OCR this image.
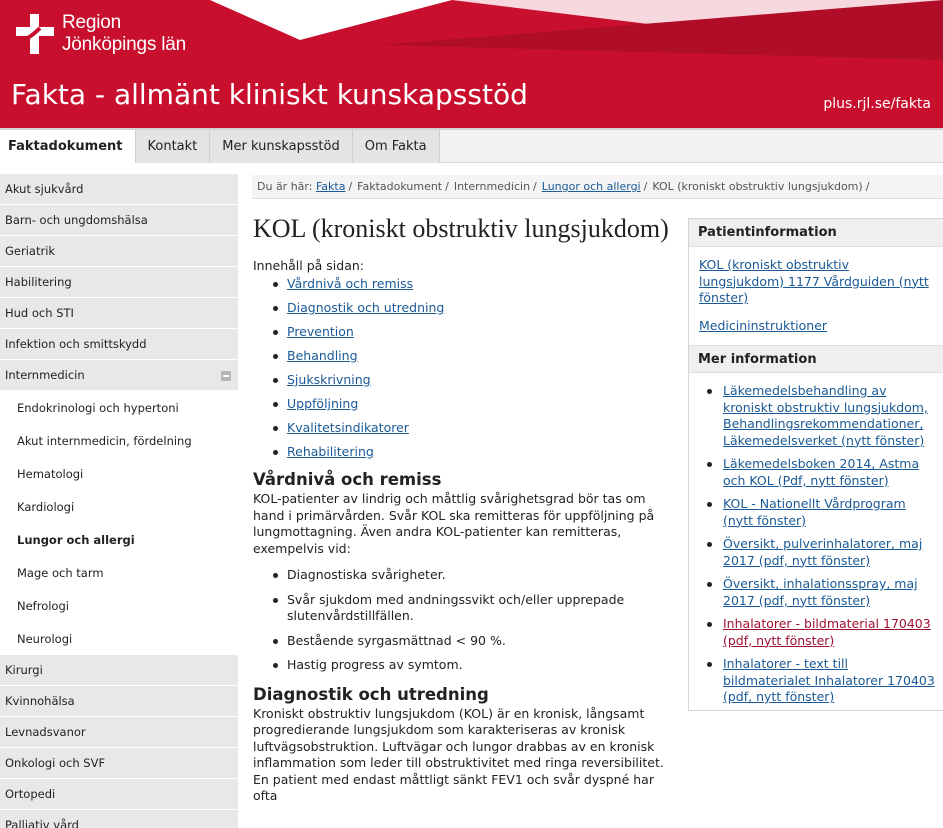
Region
Jönköpings län
Fakta - allmänt kliniskt kunskapsstöd	plus.rjl.se/fakta
Faktadokument	Kontakt	Mer kunskapsstöd	Om Fakta
Akut sjukvård
Barn- och ungdomshälsa
Geriatrik
Habilitering
Hud och STI
Infektion och smittskydd
Internmedicin
Endokrinologi och hypertoni
Akut internmedicin, fördelning
Hematologi
Kardiologi
Lungor och allergi
Mage och tarm
Nefrologi
Neurologi
Kirurgi
Kvinnohälsa
Levnadsvanor
Onkologi och SVF
Ortopedi
Palliativ vård
Du är här:
Fakta / Faktadokument / Internmedicin / Lungor och allergi / KOL (kroniskt obstruktiv lungsjukdom) /
KOL (kroniskt obstruktiv lungsjukdom)
Innehåll på sidan:
Vårdnivå och remiss
Diagnostik och utredning
Prevention
Behandling
Sjukskrivning
Uppföljning
Kvalitetsindikatorer
Rehabilitering
Vårdnivå och remiss

KOL-patienter av lindrig och måttlig svårighetsgrad bör tas om hand i primärvården. Svår KOL ska remitteras för uppföljning på lungmottagning. Även andra KOL-patienter kan remitteras, exempelvis vid:

Diagnostiska svårigheter.
Svår sjukdom med andningssvikt och/eller upprepade slutenvårdstillfällen.
Bestående syrgasmättnad < 90 %.
Hastig progress av symtom.
Diagnostik och utredning

Kroniskt obstruktiv lungsjukdom (KOL) är en kronisk, långsamt progredierande lungsjukdom som karakteriseras av kronisk luftvägsobstruktion. Luftvägar och lungor drabbas av en kronisk inflammation som leder till obstruktivitet med ringa reversibilitet. En patient med endast måttligt sänkt FEV1 och svår dyspné har ofta

Patientinformation
KOL (kroniskt obstruktiv lungsjukdom) 1177 Vårdguiden (nytt fönster)
Medicininstruktioner
Mer information
Läkemedelsbehandling av kroniskt obstruktiv lungsjukdom, Behandlingsrekommendationer, Läkemedelsverket (nytt fönster)
Läkemedelsboken 2014, Astma och KOL (Pdf, nytt fönster)
KOL - Nationellt Vårdprogram (nytt fönster)
Översikt, pulverinhalatorer, maj 2017 (pdf, nytt fönster)
Översikt, inhalationsspray, maj 2017 (pdf, nytt fönster)
Inhalatorer - bildmaterial 170403 (pdf, nytt fönster)
Inhalatorer - text till bildmaterialet Inhalatorer 170403 (pdf, nytt fönster)
